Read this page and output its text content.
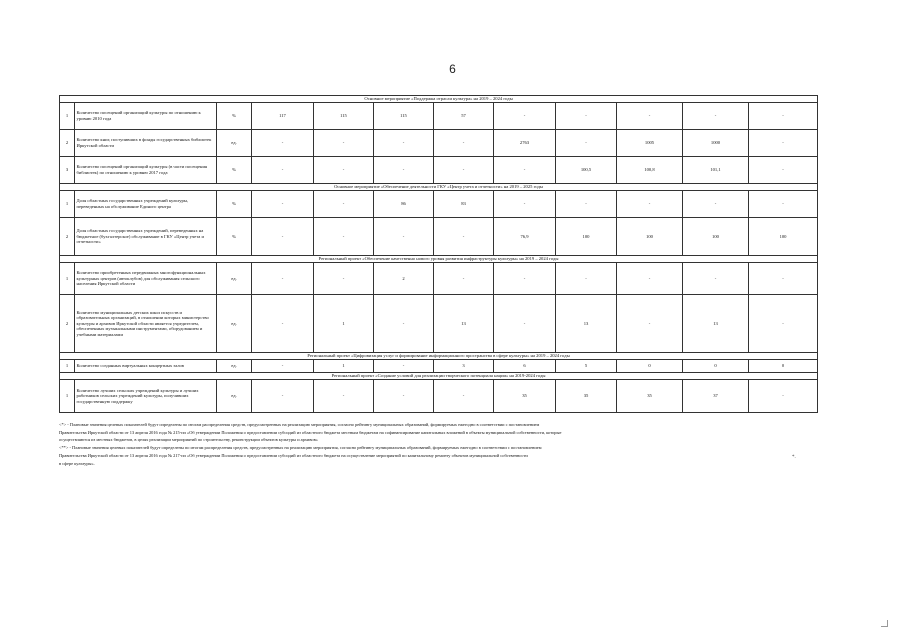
6
Основное мероприятие «Поддержка отрасли культура» на 2019 – 2024 годы											
1	Количество посещений организаций культуры по отношению к уровню 2010 года	%	117	115	115	57	-	-	-	-	-
2	Количество книг, поступивших в фонды государственных библиотек Иркутской области	ед.	-	-	-	-	2763	-	1005	1000	-
3	Количество посещений организаций культуры (в части посещения библиотек) по отношению к уровню 2017 года	%	-	-	-	-	-	100,5	100,8	101,1	-
Основное мероприятие «Обеспечение деятельности ГКУ «Центр учета и отчетности» на 2019 – 2025 годы											
1	Доля областных государственных учреждений культуры, переведенных на обслуживание Единого центра	%	-	-	86	83	-	-	-	-	-
2	Доля областных государственных учреждений, переведенных на бюджетное (бухгалтерское) обслуживание в ГКУ «Центр учета и отчетности»	%	-	-	-	-	76,9	100	100	100	100
Региональный проект «Обеспечение качественно нового уровня развития инфраструктуры культуры» на 2019 – 2024 годы											
1	Количество приобретенных передвижных многофункциональных культурных центров (автоклубов) для обслуживания сельского населения Иркутской области	ед.	-	-	2	-	-	-	-	-	-
2	Количество муниципальных детских школ искусств и образовательных организаций, в отношении которых министерство культуры и архивов Иркутской области является учредителем, обеспеченных музыкальными инструментами, оборудованием и учебными материалами	ед.	-	1	-	13	-	13	-	13	-
Региональный проект «Цифровизация услуг и формирование информационного пространства в сфере культуры» на 2019 – 2024 годы											
1	Количество созданных виртуальных концертных залов	ед.	-	1	-	3	6	5	0	0	0
Региональный проект «Создание условий для реализации творческого потенциала нации» на 2019-2024 годы											
1	Количество лучших сельских учреждений культуры и лучших работников сельских учреждений культуры, получивших государственную поддержку	ед.	-	-	-	-	35	35	35	37	-

<*> - Плановые значения целевых показателей будут определены по итогам распределения средств, предусмотренных на реализацию мероприятия, согласно рейтингу муниципальных образований, формируемых ежегодно в соответствии с постановлением

Правительства Иркутской области от 13 апреля 2016 года № 215-пп «Об утверждении Положения о предоставлении субсидий из областного бюджета местным бюджетам на софинансирование капитальных вложений в объекты муниципальной собственности, которые

осуществляются из местных бюджетов, в целях реализации мероприятий по строительству, реконструкции объектов культуры и архивов»

<**> - Плановые значения целевых показателей будут определены по итогам распределения средств, предусмотренных на реализацию мероприятия, согласно рейтингу муниципальных образований, формируемых ежегодно в соответствии с постановлением

Правительства Иркутской области от 13 апреля 2016 года № 217-пп «Об утверждении Положения о предоставлении субсидий из областного бюджета на осуществление мероприятий по капитальному ремонту объектов муниципальной собственности

в сфере культуры».

*.
